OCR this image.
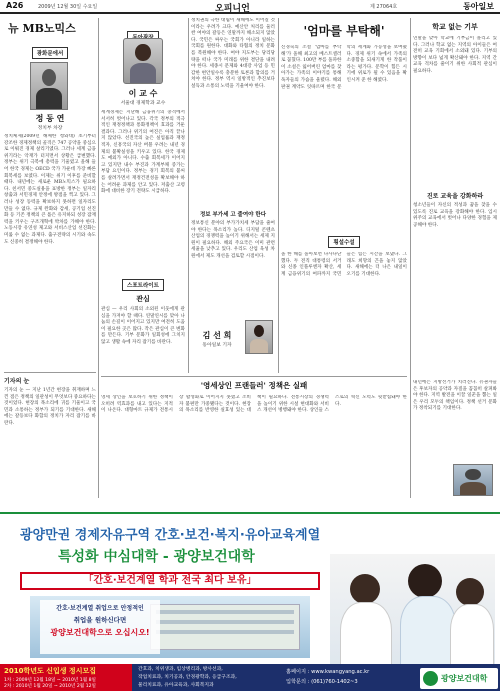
A26	2009년 12월 30일 수요일	오피니언	제 27064호	동아일보
뉴 MB노믹스
광화문에서
정 동 연
정치부 차장
정치체제(2009년 해체한 청와대) 초기부터 강조한 경제정책의 골격은 747 공약을 중심으로 이뤄진 경제 살리기였다. 그러나 세계 금융위기라는 악재가 터지면서 상황은 급변했다. 정부는 위기 극복에 총력을 기울였고 올해 들어 한국 경제는 OECD 국가 가운데 가장 빠른 회복세를 보였다. 이제는 위기 이후를 준비할 때다. 내년에는 새로운 MB노믹스가 필요하다. 친서민 중도실용을 표방한 정부는 일자리 창출과 서민경제 안정에 방점을 찍고 있다. 그러나 성장 동력을 확보하지 못하면 일자리도 만들 수 없다. 규제 완화와 감세, 공기업 선진화 등 기존 정책의 큰 틀은 유지하되 성장 잠재력을 키우는 구조개혁에 박차를 가해야 한다. 노동시장 유연성 제고와 서비스산업 선진화는 미룰 수 없는 과제다. 출구전략의 시기와 속도도 신중히 결정해야 한다.
기자의 눈
기자의 눈 — 지난 1년간 현장을 취재하며 느낀 점은 정책의 일관성이 무엇보다 중요하다는 것이었다. 현장의 목소리에 귀를 기울이고 국민과 소통하는 정부가 되기를 기대한다. 새해에는 갈등보다 화합의 정치가 자리 잡기를 바란다.
이 교 수
서울대 경제학과 교수
세계경제는 지난해 금융위기의 충격에서 서서히 벗어나고 있다. 각국 정부의 적극적인 재정정책과 통화정책이 효과를 거둔 결과다. 그러나 위기의 여진은 아직 끝나지 않았다. 선진국의 높은 실업률과 재정적자, 신흥국의 자산 버블 우려는 내년 경제의 불확실성을 키우고 있다. 한국 경제도 예외가 아니다. 수출 회복세가 이어지고 있지만 내수 부진과 가계부채 증가는 부담 요인이다. 정부는 경기 회복의 불씨를 살려가면서 재정건전성을 확보해야 하는 어려운 과제를 안고 있다. 저출산 고령화에 대비한 장기 전략도 시급하다.
스포트라이트
관심
관심 — 우리 사회의 소외된 이웃에게 관심을 가져야 할 때다. 연말연시를 맞아 나눔의 손길이 이어지고 있지만 여전히 도움이 필요한 곳은 많다. 작은 관심이 큰 변화를 만든다. 기부 문화가 일회성에 그치지 않고 생활 속에 자리 잡기를 바란다.
정치권의 극한 대립이 새해에도 이어질 것이라는 우려가 크다. 예산안 처리를 둘러싼 여야의 갈등은 연말까지 해소되지 않았다. 국민은 싸우는 국회가 아니라 일하는 국회를 원한다. 대화와 타협의 정치 문화를 복원해야 한다. 여야 지도부는 당리당략을 떠나 국가 미래를 위한 결단을 내려야 한다. 세종시 문제와 4대강 사업 등 민감한 현안일수록 충분한 토론과 합의를 거쳐야 한다. 정부 역시 일방적인 추진보다 설득과 소통의 노력을 기울여야 한다.
정보 부가세 고 줄여야 한다
정보통신 분야의 부가가치세 부담을 줄여야 한다는 목소리가 높다. 디지털 콘텐츠 산업의 경쟁력을 높이기 위해서는 세제 지원이 필요하다. 해외 주요국은 이미 관련 세율을 낮추고 있다. 우리도 산업 육성 차원에서 제도 개선을 검토할 시점이다.
김 선 희
동아일보 기자
'엄마를 부탁해'
신경숙의 소설 '엄마를 부탁해'가 올해 최고의 베스트셀러로 꼽혔다. 100만 부를 돌파한 이 소설은 잃어버린 엄마를 찾아가는 가족의 이야기를 통해 독자들의 가슴을 울렸다. 해외 판권 계약도 잇따르며 한국 문학의 세계화 가능성을 보여줬다. 경제 위기 속에서 가족의 소중함을 되새기게 한 작품이라는 평가다. 문학이 힘든 시기에 위로가 될 수 있음을 확인시켜 준 한 해였다.
횡설수설
올 한 해를 돌아보면 다사다난했다. 두 전직 대통령의 서거와 신종 인플루엔자 확산, 세계 금융위기의 여파까지 국민들은 힘든 시간을 보냈다. 그래도 희망의 끈을 놓지 않았다. 새해에는 더 나은 내일이 오기를 기대한다.
학교 없는 기부
연말을 맞아 학교에 기부금이 몰리고 있다. 그러나 학교 없는 지역의 아이들은 여전히 교육 기회에서 소외돼 있다. 기부의 방향이 보다 넓게 확산돼야 한다. 지역 간 교육 격차를 줄이기 위한 사회적 관심이 필요하다.
진로 교육을 강화하라
청소년들이 자신의 적성과 꿈을 찾을 수 있도록 진로 교육을 강화해야 한다. 입시 위주의 교육에서 벗어나 다양한 경험을 제공해야 한다.
내년에는 지방선거가 치러진다. 유권자들은 후보자의 공약과 자질을 꼼꼼히 살펴봐야 한다. 지역 발전을 이끌 일꾼을 뽑는 일은 우리 모두의 책임이다. 정책 선거 문화가 정착되기를 기대한다.
'영세상인 프랜들러' 정책은 실패
영세 상인을 보호하기 위한 정책이 오히려 역효과를 내고 있다는 지적이 나온다. 대형마트 규제가 전통시장 활성화로 이어지지 못했고 소비자 불편만 가중됐다는 것이다. 현장의 목소리를 반영한 실효성 있는 대책이 필요하다. 전통시장의 경쟁력을 높이기 위한 시설 현대화와 서비스 개선이 병행돼야 한다. 상인들 스스로의 혁신 노력도 뒷받침돼야 한다.
광양만권 경제자유구역 간호·보건·복지·유아교육계열
특성화 中심대학 - 광양보건대학
「간호·보건계열 학과 전국 최다 보유」
간호·보건계열 취업으로 안정적인
취업을 원하신다면
광양보건대학으로 오십시오!
2010학년도 신입생 정시모집
1차 : 2009년 12월 18일 ~ 2010년 1월 8일
2차 : 2010년 1월 20일 ~ 2010년 2월 12일
간호과, 치위생과, 임상병리과, 방사선과,
작업치료과, 치기공과, 안경광학과, 응급구조과,
물리치료과, 유아교육과, 사회복지과
홈페이지 : www.kwangyang.ac.kr
입학문의 : (061)760-1402~3	광양보건대학
